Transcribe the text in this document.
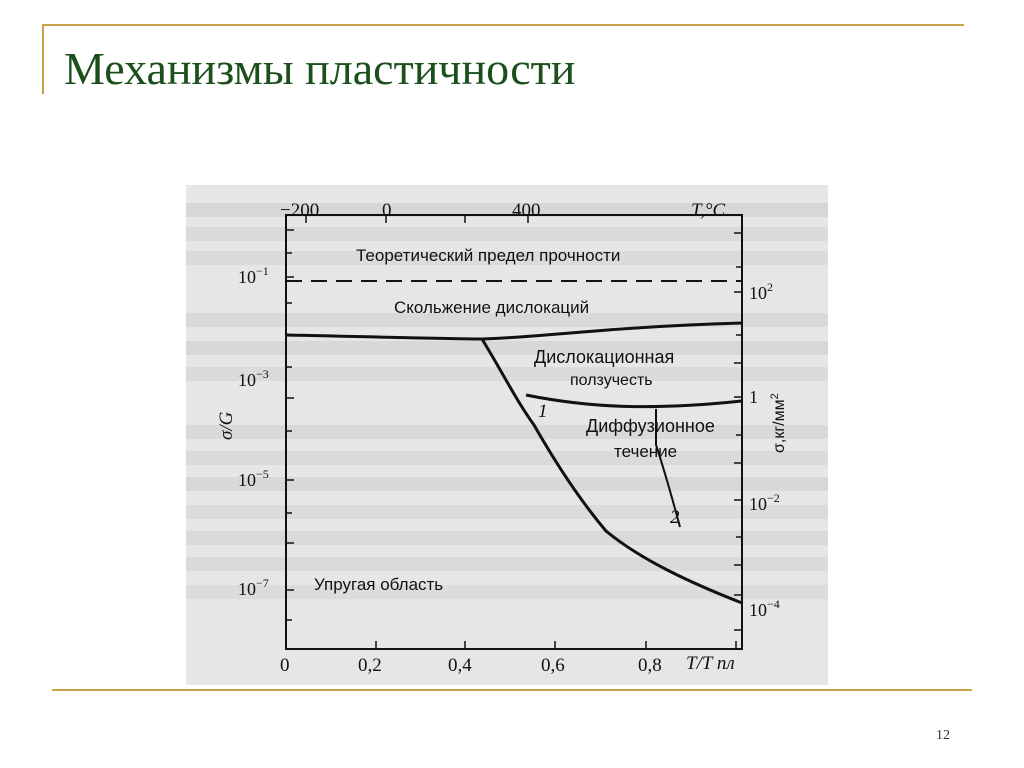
Механизмы пластичности
−200	0	400	T,°C
0	0,2	0,4	0,6	0,8 T/T пл
$10^{-1}$
$10^{-3}$
$10^{-5}$
$10^{-7}$
σ/G
$10^2$
1
$10^{-2}$
$10^{-4}$
$\sigma,кг/мм^2$
Теоретический предел прочности
Скольжение дислокаций
Дислокационная
ползучесть
Диффузионное
течение
Упругая область
1
2
12
